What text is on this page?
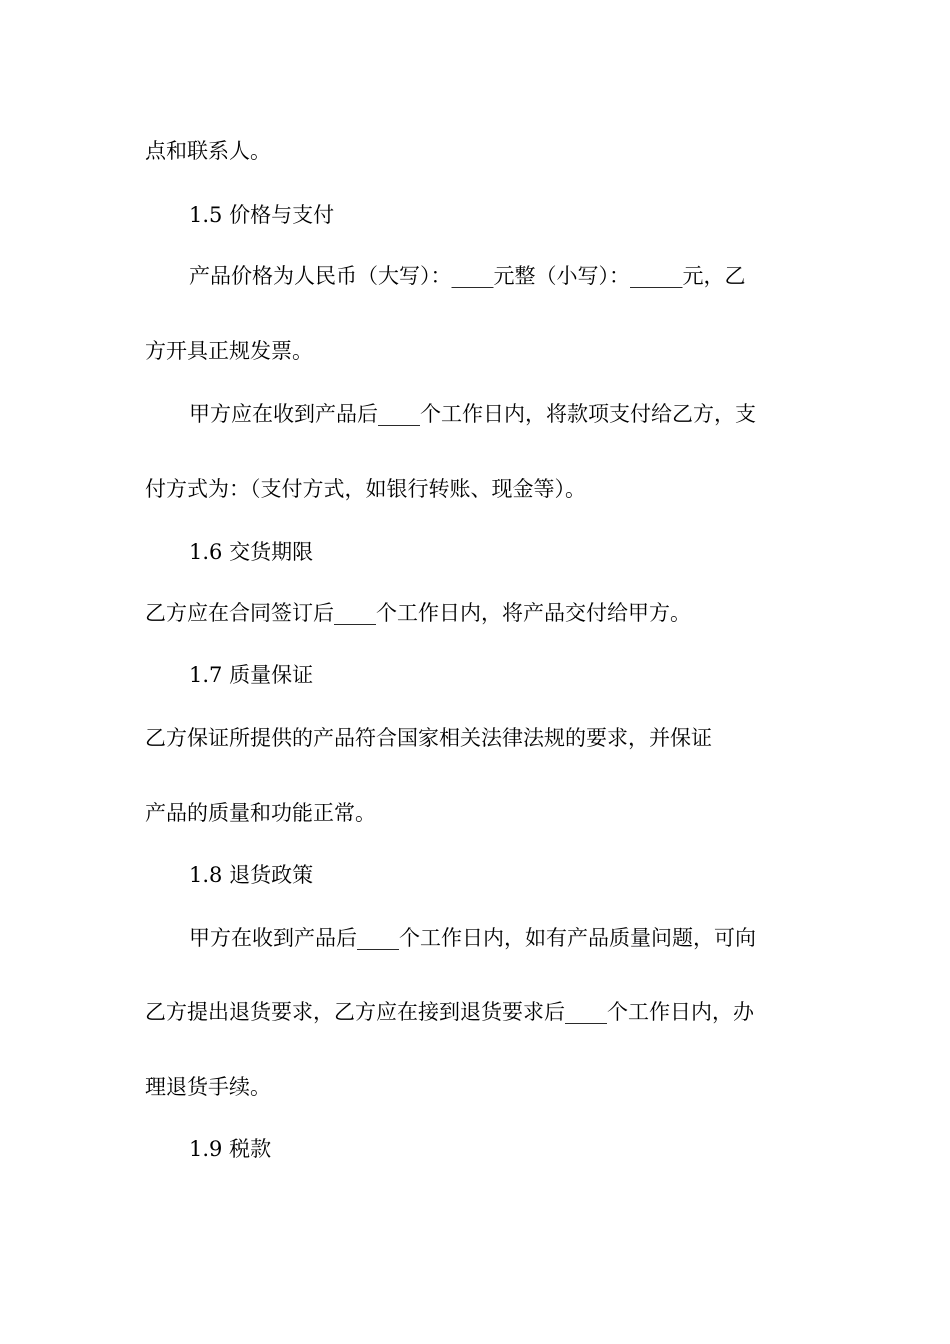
点和联系人。
1.5 价格与支付
产品价格为人民币（大写）：____元整（小写）：_____元，乙
方开具正规发票。
甲方应在收到产品后____个工作日内，将款项支付给乙方，支
付方式为：（支付方式，如银行转账、现金等）。
1.6 交货期限
乙方应在合同签订后____个工作日内，将产品交付给甲方。
1.7 质量保证
乙方保证所提供的产品符合国家相关法律法规的要求，并保证
产品的质量和功能正常。
1.8 退货政策
甲方在收到产品后____个工作日内，如有产品质量问题，可向
乙方提出退货要求，乙方应在接到退货要求后____个工作日内，办
理退货手续。
1.9 税款
